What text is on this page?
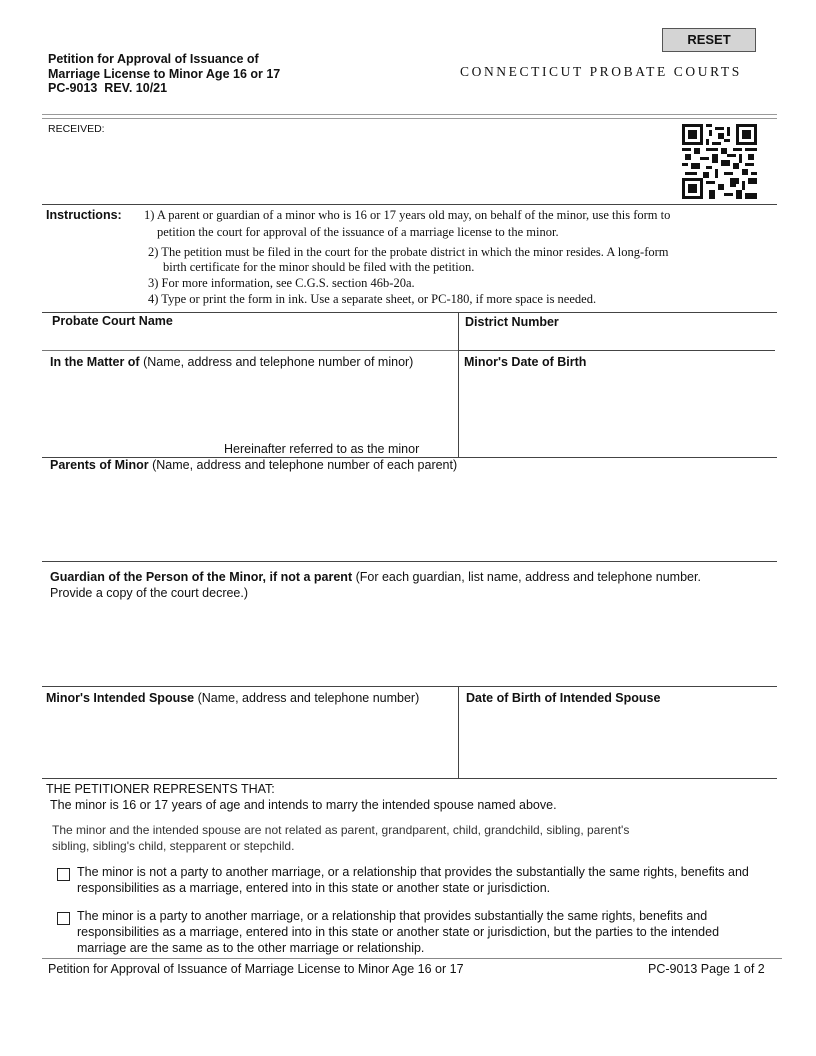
Petition for Approval of Issuance of
Marriage License to Minor Age 16 or 17
PC-9013 REV. 10/21
RESET
CONNECTICUT PROBATE COURTS
RECEIVED:
Instructions: 1) A parent or guardian of a minor who is 16 or 17 years old may, on behalf of the minor, use this form to
petition the court for approval of the issuance of a marriage license to the minor.
2) The petition must be filed in the court for the probate district in which the minor resides. A long-form
birth certificate for the minor should be filed with the petition.
3) For more information, see C.G.S. section 46b-20a.
4) Type or print the form in ink. Use a separate sheet, or PC-180, if more space is needed.
Probate Court Name	District Number
In the Matter of (Name, address and telephone number of minor)	Minor's Date of Birth
Hereinafter referred to as the minor
Parents of Minor (Name, address and telephone number of each parent)
Guardian of the Person of the Minor, if not a parent (For each guardian, list name, address and telephone number.
Provide a copy of the court decree.)
Minor's Intended Spouse (Name, address and telephone number)	Date of Birth of Intended Spouse
THE PETITIONER REPRESENTS THAT:
The minor is 16 or 17 years of age and intends to marry the intended spouse named above.
The minor and the intended spouse are not related as parent, grandparent, child, grandchild, sibling, parent's
sibling, sibling's child, stepparent or stepchild.
The minor is not a party to another marriage, or a relationship that provides the substantially the same rights, benefits and
responsibilities as a marriage, entered into in this state or another state or jurisdiction.
The minor is a party to another marriage, or a relationship that provides substantially the same rights, benefits and
responsibilities as a marriage, entered into in this state or another state or jurisdiction, but the parties to the intended
marriage are the same as to the other marriage or relationship.
Petition for Approval of Issuance of Marriage License to Minor Age 16 or 17	PC-9013 Page 1 of 2
